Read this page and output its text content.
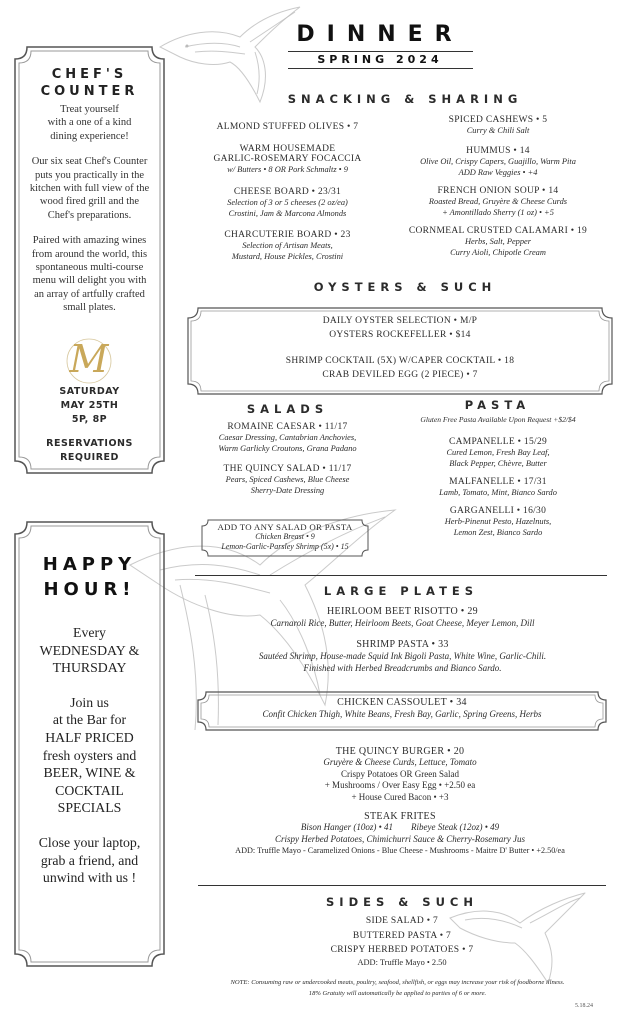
DINNER
SPRING 2024
CHEF'S
COUNTER
Treat yourself
with a one of a kind
dining experience!
Our six seat Chef's Counter
puts you practically in the
kitchen with full view of the
wood fired grill and the
Chef's preparations.
Paired with amazing wines
from around the world, this
spontaneous multi-course
menu will delight you with
an array of artfully crafted
small plates.
M
SATURDAY
MAY 25TH
5P, 8P
RESERVATIONS
REQUIRED
HAPPY
HOUR!
Every
WEDNESDAY &
THURSDAY
Join us
at the Bar for
HALF PRICED
fresh oysters and
BEER, WINE &
COCKTAIL
SPECIALS
Close your laptop,
grab a friend, and
unwind with us !
SNACKING & SHARING
ALMOND STUFFED OLIVES • 7
WARM HOUSEMADE
GARLIC-ROSEMARY FOCACCIA
w/ Butters • 8 OR Pork Schmaltz • 9
CHEESE BOARD • 23/31
Selection of 3 or 5 cheeses (2 oz/ea)
Crostini, Jam & Marcona Almonds
CHARCUTERIE BOARD • 23
Selection of Artisan Meats,
Mustard, House Pickles, Crostini
SPICED CASHEWS • 5
Curry & Chili Salt
HUMMUS • 14
Olive Oil, Crispy Capers, Guajillo, Warm Pita
ADD Raw Veggies • +4
FRENCH ONION SOUP • 14
Roasted Bread, Gruyère & Cheese Curds
+ Amontillado Sherry (1 oz) • +5
CORNMEAL CRUSTED CALAMARI • 19
Herbs, Salt, Pepper
Curry Aioli, Chipotle Cream
OYSTERS & SUCH
DAILY OYSTER SELECTION • M/P
OYSTERS ROCKEFELLER • $14
SHRIMP COCKTAIL (5X) W/CAPER COCKTAIL • 18
CRAB DEVILED EGG (2 PIECE) • 7
SALADS
ROMAINE CAESAR • 11/17
Caesar Dressing, Cantabrian Anchovies,
Warm Garlicky Croutons, Grana Padano
THE QUINCY SALAD • 11/17
Pears, Spiced Cashews, Blue Cheese
Sherry-Date Dressing
ADD TO ANY SALAD OR PASTA
Chicken Breast • 9
Lemon-Garlic-Parsley Shrimp (5x) • 15
PASTA
Gluten Free Pasta Available Upon Request +$2/$4
CAMPANELLE • 15/29
Cured Lemon, Fresh Bay Leaf,
Black Pepper, Chèvre, Butter
MALFANELLE • 17/31
Lamb, Tomato, Mint, Bianco Sardo
GARGANELLI • 16/30
Herb-Pinenut Pesto, Hazelnuts,
Lemon Zest, Bianco Sardo
LARGE PLATES
HEIRLOOM BEET RISOTTO • 29
Carnaroli Rice, Butter, Heirloom Beets, Goat Cheese, Meyer Lemon, Dill
SHRIMP PASTA • 33
Sautéed Shrimp, House-made Squid Ink Bigoli Pasta, White Wine, Garlic-Chili.
Finished with Herbed Breadcrumbs and Bianco Sardo.
CHICKEN CASSOULET • 34
Confit Chicken Thigh, White Beans, Fresh Bay, Garlic, Spring Greens, Herbs
THE QUINCY BURGER • 20
Gruyère & Cheese Curds, Lettuce, Tomato
Crispy Potatoes OR Green Salad
+ Mushrooms / Over Easy Egg • +2.50 ea
+ House Cured Bacon • +3
STEAK FRITES
Bison Hanger (10oz) • 41        Ribeye Steak (12oz) • 49
Crispy Herbed Potatoes, Chimichurri Sauce & Cherry-Rosemary Jus
ADD: Truffle Mayo - Caramelized Onions - Blue Cheese - Mushrooms - Maitre D' Butter • +2.50/ea
SIDES & SUCH
SIDE SALAD • 7
BUTTERED PASTA • 7
CRISPY HERBED POTATOES • 7
ADD: Truffle Mayo • 2.50
NOTE: Consuming raw or undercooked meats, poultry, seafood, shellfish, or eggs may increase your risk of foodborne illness.
18% Gratuity will automatically be applied to parties of 6 or more.
5.18.24
